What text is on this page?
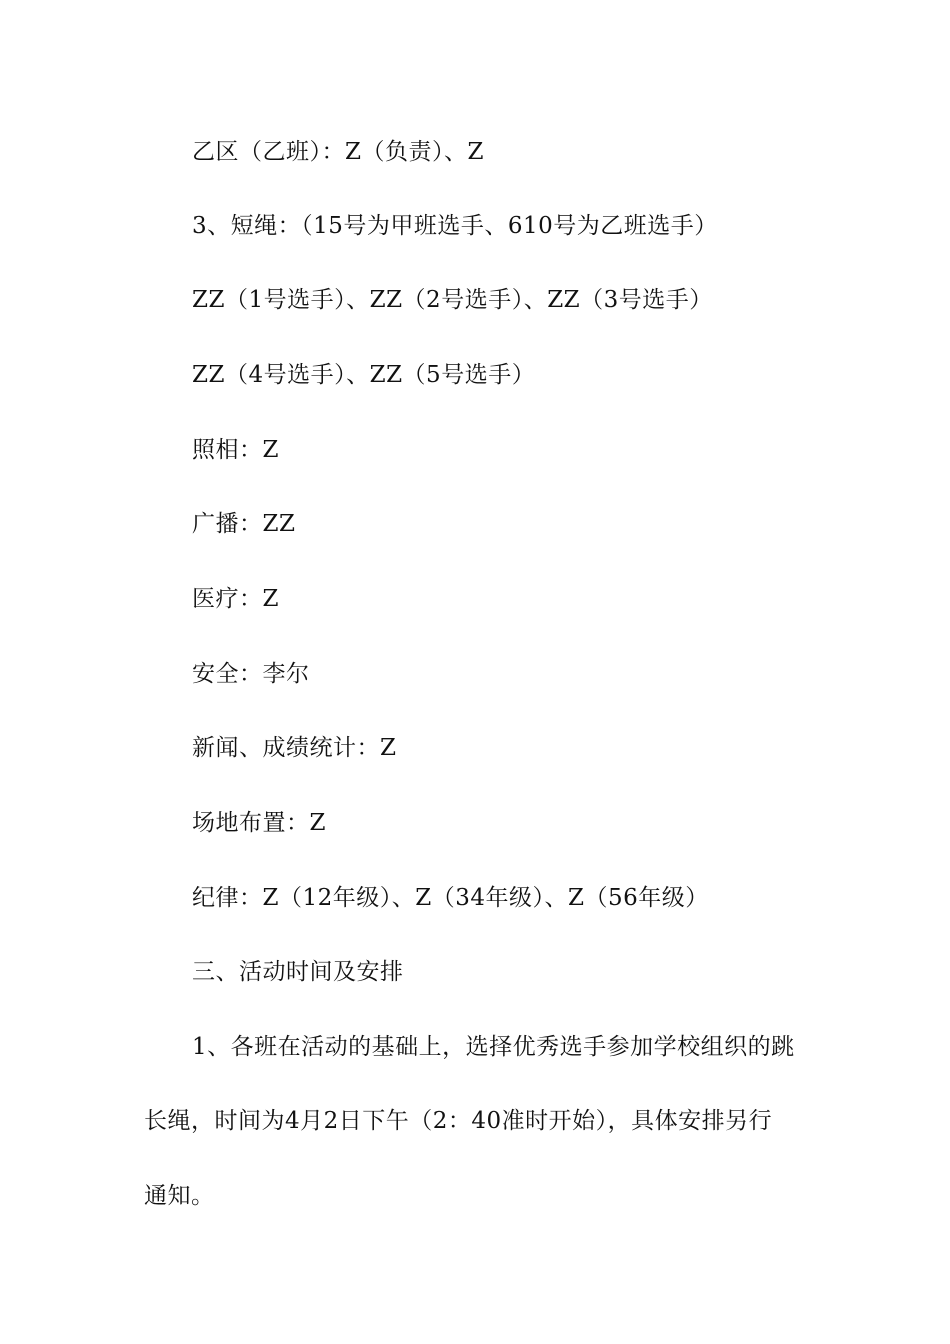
乙区（乙班）：Z（负责）、Z
3、短绳：（15号为甲班选手、610号为乙班选手）
ZZ（1号选手）、ZZ（2号选手）、ZZ（3号选手）
ZZ（4号选手）、ZZ（5号选手）
照相：Z
广播：ZZ
医疗：Z
安全：李尔
新闻、成绩统计：Z
场地布置：Z
纪律：Z（12年级）、Z（34年级）、Z（56年级）
三、活动时间及安排
1、各班在活动的基础上，选择优秀选手参加学校组织的跳
长绳，时间为4月2日下午（2：40准时开始），具体安排另行
通知。
